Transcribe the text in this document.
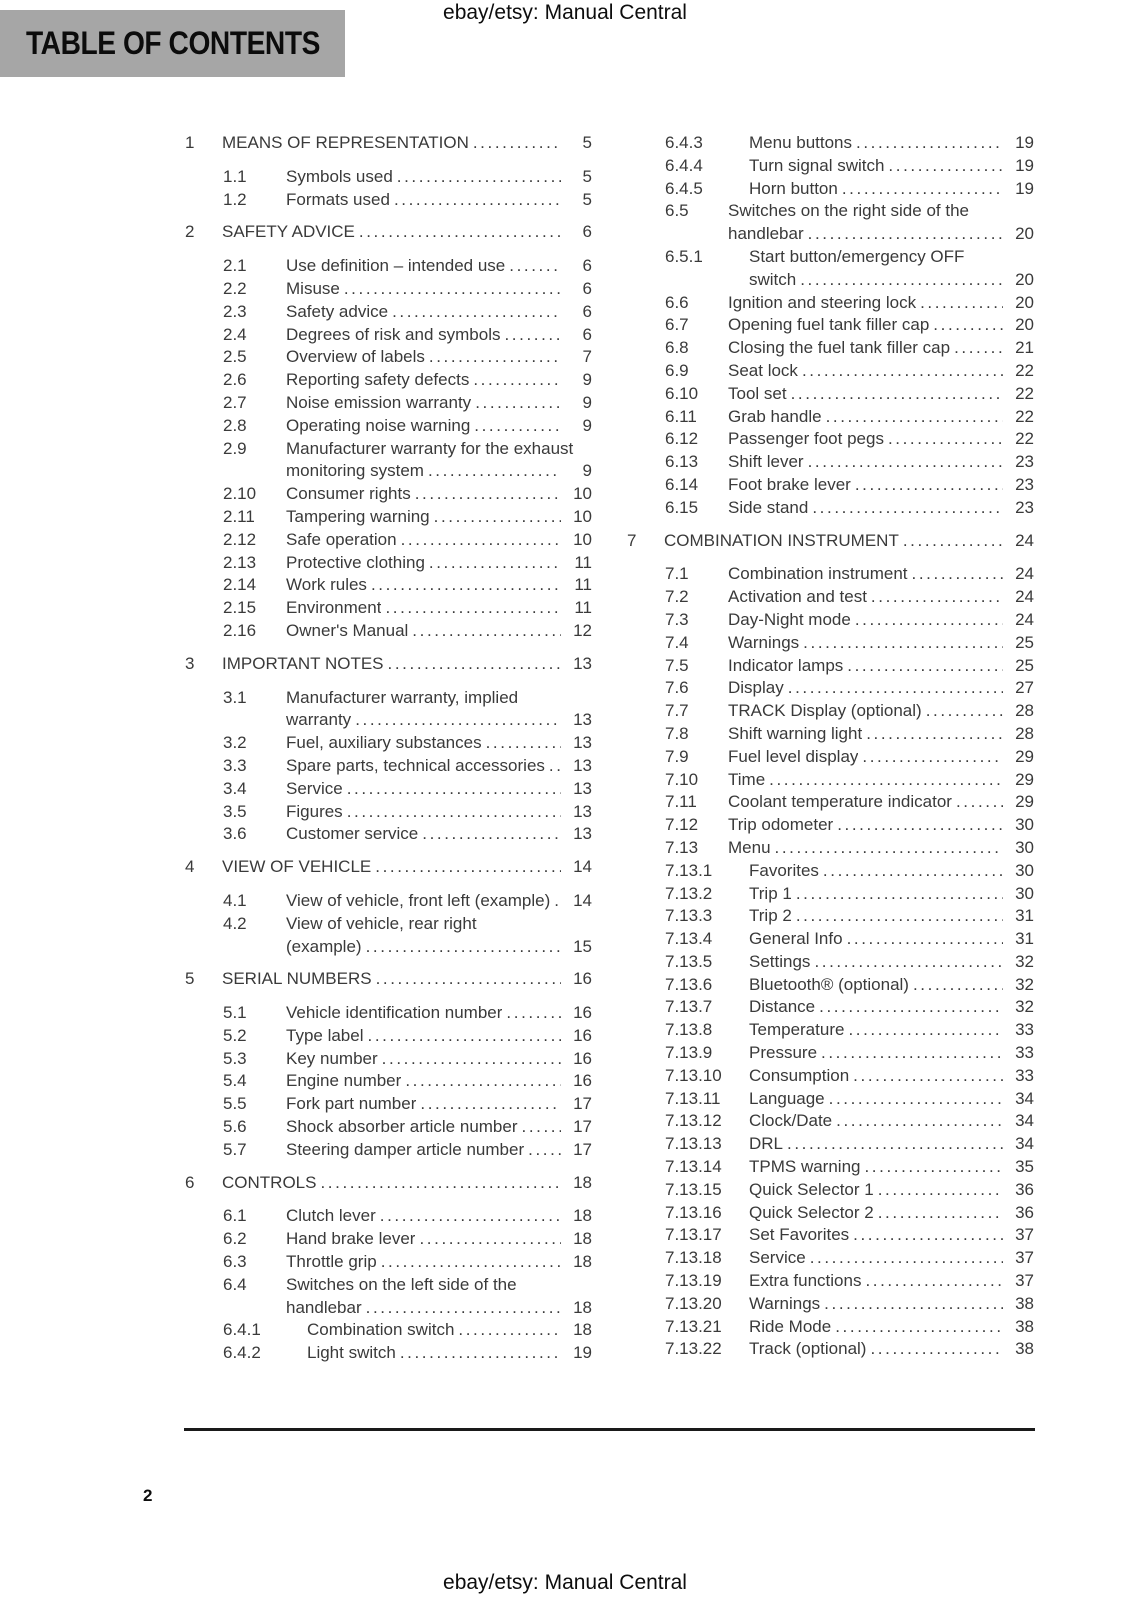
ebay/etsy: Manual Central
TABLE OF CONTENTS
1	MEANS OF REPRESENTATION .....	5
1.1	Symbols used .....	5
1.2	Formats used .....	5
2	SAFETY ADVICE .....	6
2.1	Use definition – intended use .....	6
2.2	Misuse .....	6
2.3	Safety advice .....	6
2.4	Degrees of risk and symbols .....	6
2.5	Overview of labels .....	7
2.6	Reporting safety defects .....	9
2.7	Noise emission warranty .....	9
2.8	Operating noise warning .....	9
2.9	Manufacturer warranty for the exhaust
monitoring system .....	9
2.10	Consumer rights .....	10
2.11	Tampering warning .....	10
2.12	Safe operation .....	10
2.13	Protective clothing .....	11
2.14	Work rules .....	11
2.15	Environment .....	11
2.16	Owner's Manual .....	12
3	IMPORTANT NOTES .....	13
3.1	Manufacturer warranty, implied
warranty .....	13
3.2	Fuel, auxiliary substances .....	13
3.3	Spare parts, technical accessories .....	13
3.4	Service .....	13
3.5	Figures .....	13
3.6	Customer service .....	13
4	VIEW OF VEHICLE .....	14
4.1	View of vehicle, front left (example) .....	14
4.2	View of vehicle, rear right
(example) .....	15
5	SERIAL NUMBERS .....	16
5.1	Vehicle identification number .....	16
5.2	Type label .....	16
5.3	Key number .....	16
5.4	Engine number .....	16
5.5	Fork part number .....	17
5.6	Shock absorber article number .....	17
5.7	Steering damper article number .....	17
6	CONTROLS .....	18
6.1	Clutch lever .....	18
6.2	Hand brake lever .....	18
6.3	Throttle grip .....	18
6.4	Switches on the left side of the
handlebar .....	18
6.4.1	Combination switch .....	18
6.4.2	Light switch .....	19
6.4.3	Menu buttons .....	19
6.4.4	Turn signal switch .....	19
6.4.5	Horn button .....	19
6.5	Switches on the right side of the
handlebar .....	20
6.5.1	Start button/emergency OFF
switch .....	20
6.6	Ignition and steering lock .....	20
6.7	Opening fuel tank filler cap .....	20
6.8	Closing the fuel tank filler cap .....	21
6.9	Seat lock .....	22
6.10	Tool set .....	22
6.11	Grab handle .....	22
6.12	Passenger foot pegs .....	22
6.13	Shift lever .....	23
6.14	Foot brake lever .....	23
6.15	Side stand .....	23
7	COMBINATION INSTRUMENT .....	24
7.1	Combination instrument .....	24
7.2	Activation and test .....	24
7.3	Day-Night mode .....	24
7.4	Warnings .....	25
7.5	Indicator lamps .....	25
7.6	Display .....	27
7.7	TRACK Display (optional) .....	28
7.8	Shift warning light .....	28
7.9	Fuel level display .....	29
7.10	Time .....	29
7.11	Coolant temperature indicator .....	29
7.12	Trip odometer .....	30
7.13	Menu .....	30
7.13.1	Favorites .....	30
7.13.2	Trip 1 .....	30
7.13.3	Trip 2 .....	31
7.13.4	General Info .....	31
7.13.5	Settings .....	32
7.13.6	Bluetooth® (optional) .....	32
7.13.7	Distance .....	32
7.13.8	Temperature .....	33
7.13.9	Pressure .....	33
7.13.10	Consumption .....	33
7.13.11	Language .....	34
7.13.12	Clock/Date .....	34
7.13.13	DRL .....	34
7.13.14	TPMS warning .....	35
7.13.15	Quick Selector 1 .....	36
7.13.16	Quick Selector 2 .....	36
7.13.17	Set Favorites .....	37
7.13.18	Service .....	37
7.13.19	Extra functions .....	37
7.13.20	Warnings .....	38
7.13.21	Ride Mode .....	38
7.13.22	Track (optional) .....	38
2
ebay/etsy: Manual Central
